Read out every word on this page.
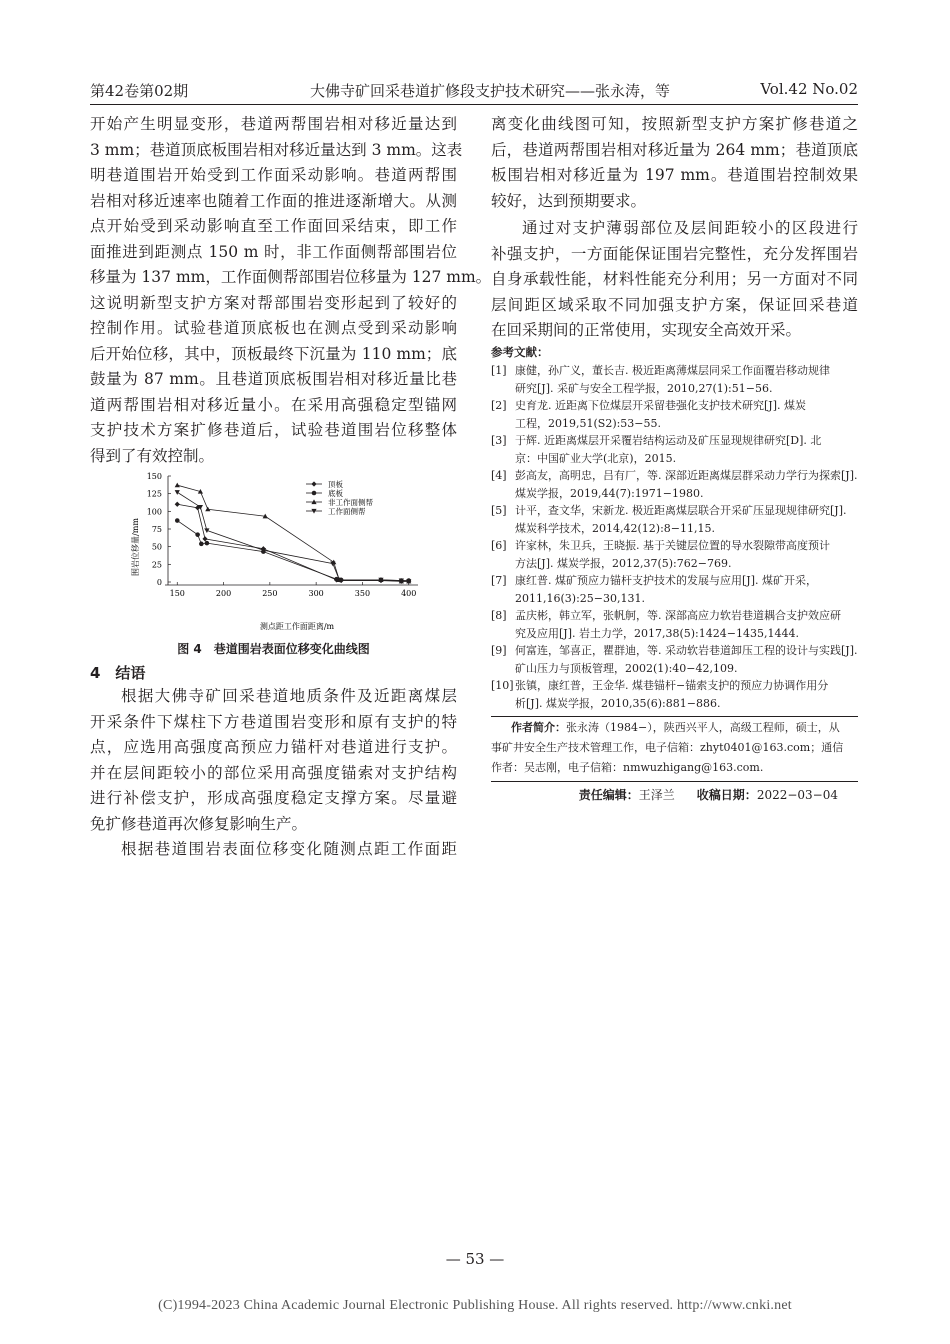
第42卷第02期	大佛寺矿回采巷道扩修段支护技术研究——张永涛，等	Vol.42 No.02
开始产生明显变形，巷道两帮围岩相对移近量达到
3 mm；巷道顶底板围岩相对移近量达到 3 mm。这表
明巷道围岩开始受到工作面采动影响。巷道两帮围
岩相对移近速率也随着工作面的推进逐渐增大。从测
点开始受到采动影响直至工作面回采结束，即工作
面推进到距测点 150 m 时，非工作面侧帮部围岩位
移量为 137 mm，工作面侧帮部围岩位移量为 127 mm。
这说明新型支护方案对帮部围岩变形起到了较好的
控制作用。试验巷道顶底板也在测点受到采动影响
后开始位移，其中，顶板最终下沉量为 110 mm；底
鼓量为 87 mm。且巷道顶底板围岩相对移近量比巷
道两帮围岩相对移近量小。在采用高强稳定型锚网
支护技术方案扩修巷道后，试验巷道围岩位移整体
得到了有效控制。
0
25
50
75
100
125
150
150	200	250	300	350	400
顶板
底板
非工作面侧帮
工作面侧帮
围岩位移量/mm
测点距工作面距离/m
图 4　巷道围岩表面位移变化曲线图
4　结语
根据大佛寺矿回采巷道地质条件及近距离煤层
开采条件下煤柱下方巷道围岩变形和原有支护的特
点，应选用高强度高预应力锚杆对巷道进行支护。
并在层间距较小的部位采用高强度锚索对支护结构
进行补偿支护，形成高强度稳定支撑方案。尽量避
免扩修巷道再次修复影响生产。
根据巷道围岩表面位移变化随测点距工作面距
离变化曲线图可知，按照新型支护方案扩修巷道之
后，巷道两帮围岩相对移近量为 264 mm；巷道顶底
板围岩相对移近量为 197 mm。巷道围岩控制效果
较好，达到预期要求。
通过对支护薄弱部位及层间距较小的区段进行
补强支护，一方面能保证围岩完整性，充分发挥围岩
自身承载性能，材料性能充分利用；另一方面对不同
层间距区域采取不同加强支护方案，保证回采巷道
在回采期间的正常使用，实现安全高效开采。
参考文献：
[1] 康健，孙广义，董长吉. 极近距离薄煤层同采工作面覆岩移动规律
研究[J]. 采矿与安全工程学报，2010,27(1):51−56.
[2] 史育龙. 近距离下位煤层开采留巷强化支护技术研究[J]. 煤炭
工程，2019,51(S2):53−55.
[3] 于辉. 近距离煤层开采覆岩结构运动及矿压显现规律研究[D]. 北
京：中国矿业大学(北京)，2015.
[4] 彭高友，高明忠，吕有厂，等. 深部近距离煤层群采动力学行为探索[J].
煤炭学报，2019,44(7):1971−1980.
[5] 计平，查文华，宋新龙. 极近距离煤层联合开采矿压显现规律研究[J].
煤炭科学技术，2014,42(12):8−11,15.
[6] 许家林，朱卫兵，王晓振. 基于关键层位置的导水裂隙带高度预计
方法[J]. 煤炭学报，2012,37(5):762−769.
[7] 康红普. 煤矿预应力锚杆支护技术的发展与应用[J]. 煤矿开采，
2011,16(3):25−30,131.
[8] 孟庆彬，韩立军，张帆舸，等. 深部高应力软岩巷道耦合支护效应研
究及应用[J]. 岩土力学，2017,38(5):1424−1435,1444.
[9] 何富连，邹喜正，瞿群迪，等. 采动软岩巷道卸压工程的设计与实践[J].
矿山压力与顶板管理，2002(1):40−42,109.
[10] 张镇，康红普，王金华. 煤巷锚杆−锚索支护的预应力协调作用分
析[J]. 煤炭学报，2010,35(6):881−886.
作者简介：张永涛（1984−），陕西兴平人，高级工程师，硕士，从
事矿井安全生产技术管理工作，电子信箱：zhyt0401@163.com；通信
作者：吴志刚，电子信箱：nmwuzhigang@163.com.
责任编辑：王泽兰 收稿日期：2022−03−04
— 53 —
(C)1994-2023 China Academic Journal Electronic Publishing House. All rights reserved. http://www.cnki.net
